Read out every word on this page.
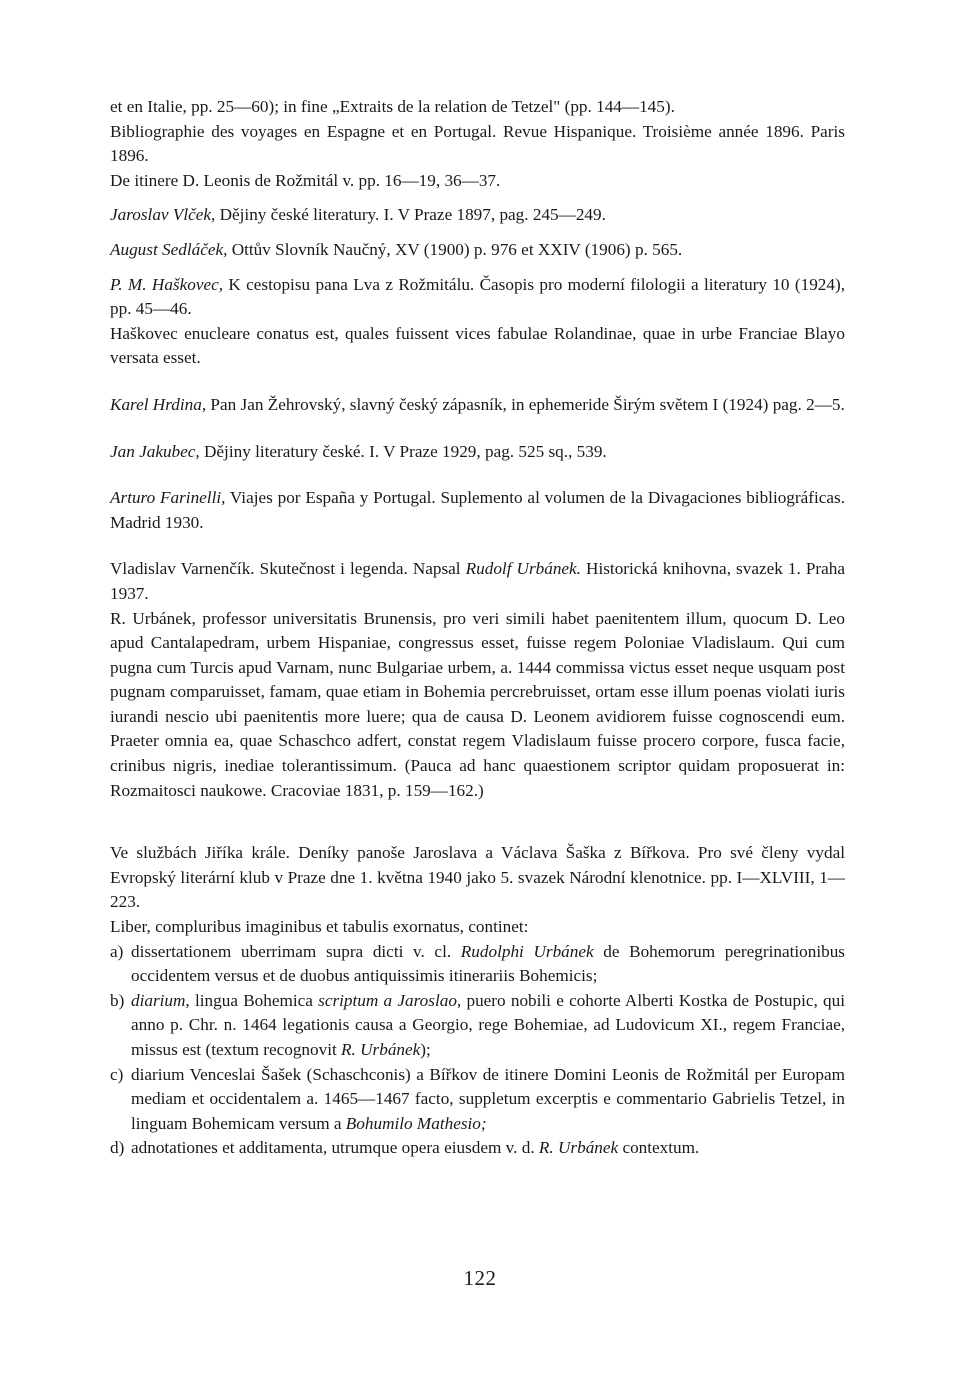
et en Italie, pp. 25—60); in fine „Extraits de la relation de Tetzel" (pp. 144—145).

Bibliographie des voyages en Espagne et en Portugal. Revue Hispanique. Troisième année 1896. Paris 1896.

De itinere D. Leonis de Rožmitál v. pp. 16—19, 36—37.

Jaroslav Vlček, Dějiny české literatury. I. V Praze 1897, pag. 245—249.

August Sedláček, Ottův Slovník Naučný, XV (1900) p. 976 et XXIV (1906) p. 565.

P. M. Haškovec, K cestopisu pana Lva z Rožmitálu. Časopis pro moderní filologii a literatury 10 (1924), pp. 45—46.

Haškovec enucleare conatus est, quales fuissent vices fabulae Rolandinae, quae in urbe Franciae Blayo versata esset.

Karel Hrdina, Pan Jan Žehrovský, slavný český zápasník, in ephemeride Širým světem I (1924) pag. 2—5.

Jan Jakubec, Dějiny literatury české. I. V Praze 1929, pag. 525 sq., 539.

Arturo Farinelli, Viajes por España y Portugal. Suplemento al volumen de la Divagaciones bibliográficas. Madrid 1930.

Vladislav Varnenčík. Skutečnost i legenda. Napsal Rudolf Urbánek. Historická knihovna, svazek 1. Praha 1937.

R. Urbánek, professor universitatis Brunensis, pro veri simili habet paenitentem illum, quocum D. Leo apud Cantalapedram, urbem Hispaniae, congressus esset, fuisse regem Poloniae Vladislaum. Qui cum pugna cum Turcis apud Varnam, nunc Bulgariae urbem, a. 1444 commissa victus esset neque usquam post pugnam comparuisset, famam, quae etiam in Bohemia percrebruisset, ortam esse illum poenas violati iuris iurandi nescio ubi paenitentis more luere; qua de causa D. Leonem avidiorem fuisse cognoscendi eum. Praeter omnia ea, quae Schaschco adfert, constat regem Vladislaum fuisse procero corpore, fusca facie, crinibus nigris, inediae tolerantissimum. (Pauca ad hanc quaestionem scriptor quidam proposuerat in: Rozmaitosci naukowe. Cracoviae 1831, p. 159—162.)

Ve službách Jiříka krále. Deníky panoše Jaroslava a Václava Šaška z Bířkova. Pro své členy vydal Evropský literární klub v Praze dne 1. května 1940 jako 5. svazek Národní klenotnice. pp. I—XLVIII, 1—223.

Liber, compluribus imaginibus et tabulis exornatus, continet:

a) dissertationem uberrimam supra dicti v. cl. Rudolphi Urbánek de Bohemorum peregrinationibus occidentem versus et de duobus antiquissimis itinerariis Bohemicis;
b) diarium, lingua Bohemica scriptum a Jaroslao, puero nobili e cohorte Alberti Kostka de Postupic, qui anno p. Chr. n. 1464 legationis causa a Georgio, rege Bohemiae, ad Ludovicum XI., regem Franciae, missus est (textum recognovit R. Urbánek);
c) diarium Venceslai Šašek (Schaschconis) a Bířkov de itinere Domini Leonis de Rožmitál per Europam mediam et occidentalem a. 1465—1467 facto, suppletum excerptis e commentario Gabrielis Tetzel, in linguam Bohemicam versum a Bohumilo Mathesio;
d) adnotationes et additamenta, utrumque opera eiusdem v. d. R. Urbánek contextum.
122
